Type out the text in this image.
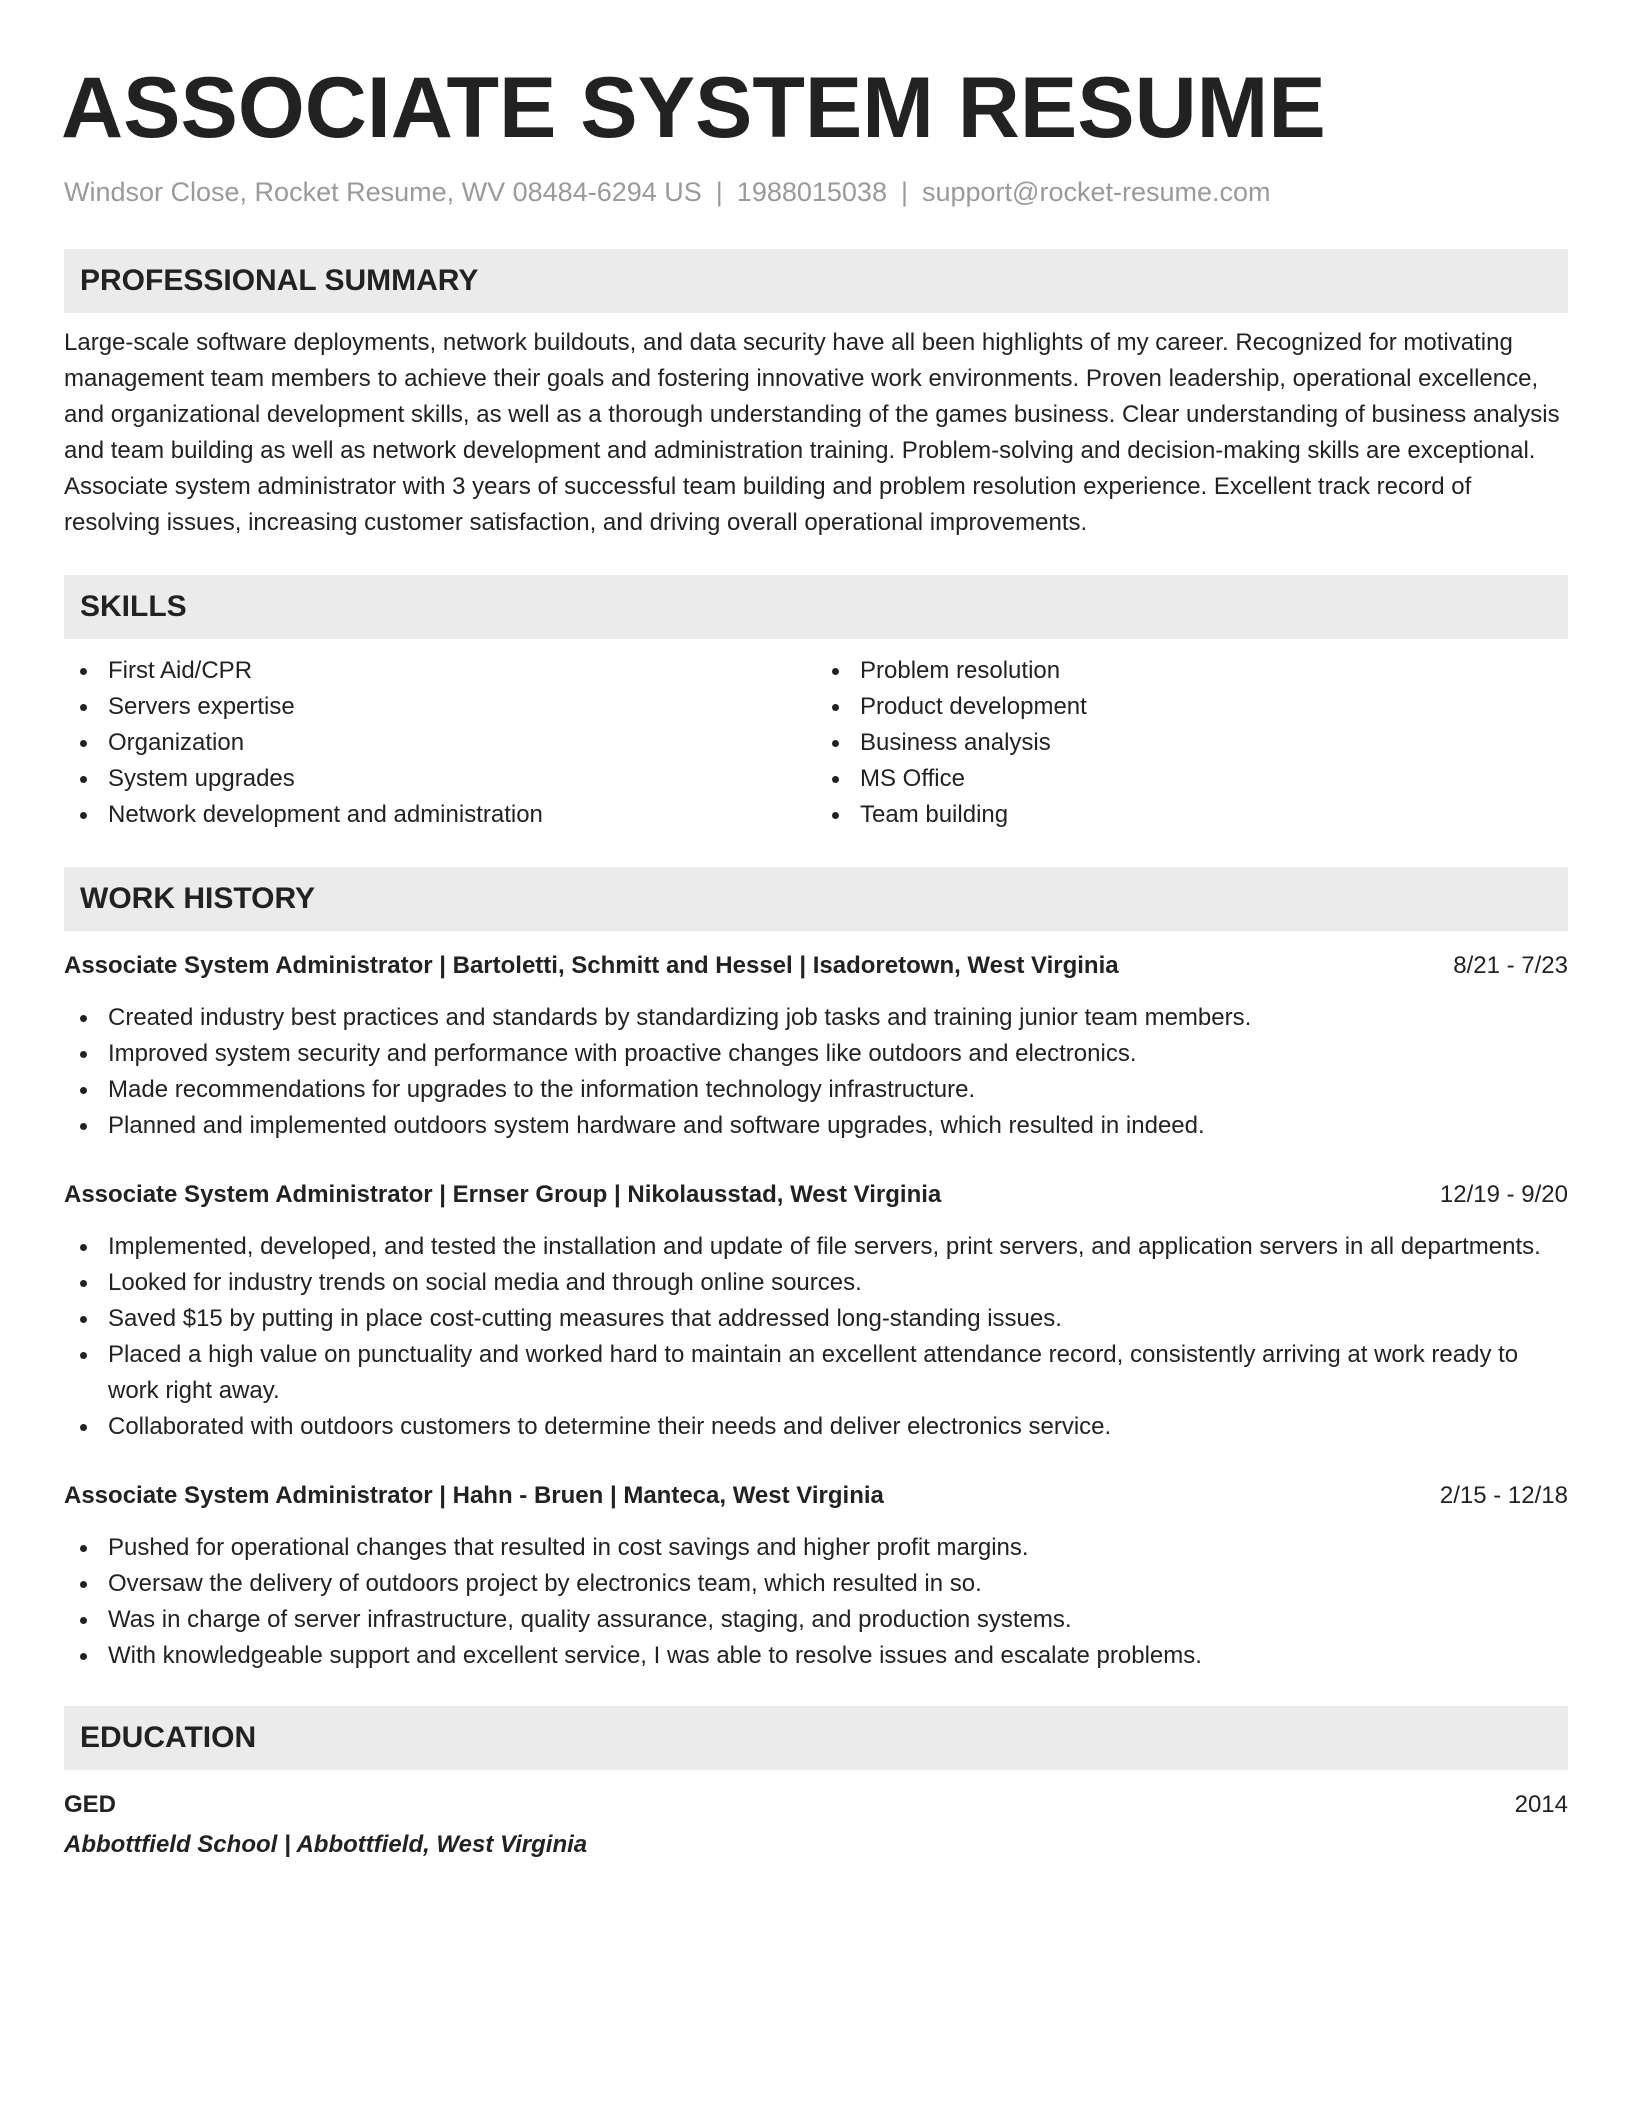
ASSOCIATE SYSTEM RESUME
Windsor Close, Rocket Resume, WV 08484-6294 US | 1988015038 | support@rocket-resume.com
PROFESSIONAL SUMMARY

Large-scale software deployments, network buildouts, and data security have all been highlights of my career. Recognized for motivating management team members to achieve their goals and fostering innovative work environments. Proven leadership, operational excellence, and organizational development skills, as well as a thorough understanding of the games business. Clear understanding of business analysis and team building as well as network development and administration training. Problem-solving and decision-making skills are exceptional. Associate system administrator with 3 years of successful team building and problem resolution experience. Excellent track record of resolving issues, increasing customer satisfaction, and driving overall operational improvements.

SKILLS
First Aid/CPR
Servers expertise
Organization
System upgrades
Network development and administration
Problem resolution
Product development
Business analysis
MS Office
Team building
WORK HISTORY
Associate System Administrator | Bartoletti, Schmitt and Hessel | Isadoretown, West Virginia	8/21 - 7/23
Created industry best practices and standards by standardizing job tasks and training junior team members.
Improved system security and performance with proactive changes like outdoors and electronics.
Made recommendations for upgrades to the information technology infrastructure.
Planned and implemented outdoors system hardware and software upgrades, which resulted in indeed.
Associate System Administrator | Ernser Group | Nikolausstad, West Virginia	12/19 - 9/20
Implemented, developed, and tested the installation and update of file servers, print servers, and application servers in all departments.
Looked for industry trends on social media and through online sources.
Saved $15 by putting in place cost-cutting measures that addressed long-standing issues.
Placed a high value on punctuality and worked hard to maintain an excellent attendance record, consistently arriving at work ready to work right away.
Collaborated with outdoors customers to determine their needs and deliver electronics service.
Associate System Administrator | Hahn - Bruen | Manteca, West Virginia	2/15 - 12/18
Pushed for operational changes that resulted in cost savings and higher profit margins.
Oversaw the delivery of outdoors project by electronics team, which resulted in so.
Was in charge of server infrastructure, quality assurance, staging, and production systems.
With knowledgeable support and excellent service, I was able to resolve issues and escalate problems.
EDUCATION
GED	2014
Abbottfield School | Abbottfield, West Virginia
